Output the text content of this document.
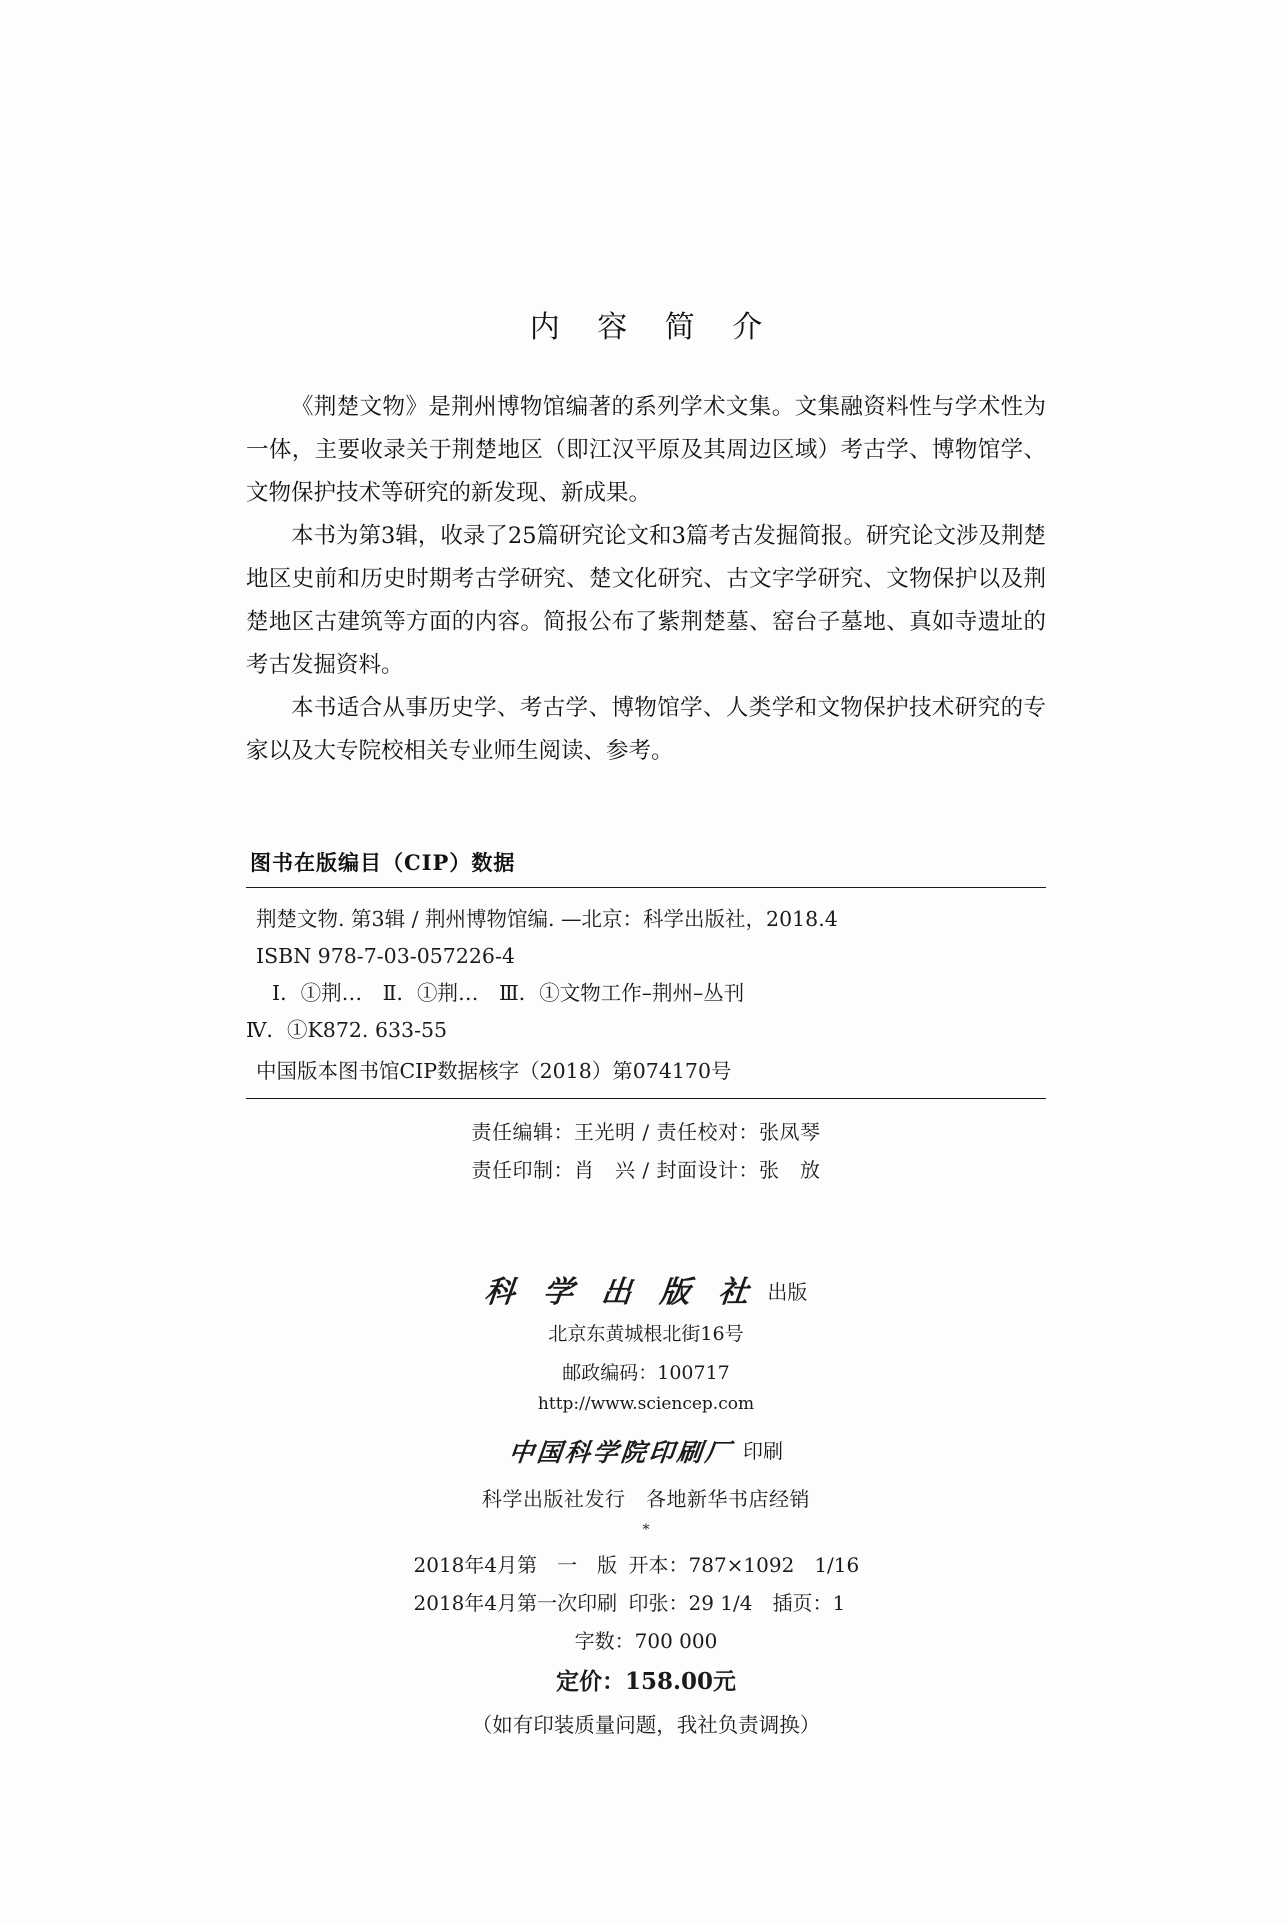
内 容 简 介

《荆楚文物》是荆州博物馆编著的系列学术文集。文集融资料性与学术性为一体，主要收录关于荆楚地区（即江汉平原及其周边区域）考古学、博物馆学、文物保护技术等研究的新发现、新成果。

本书为第3辑，收录了25篇研究论文和3篇考古发掘简报。研究论文涉及荆楚地区史前和历史时期考古学研究、楚文化研究、古文字学研究、文物保护以及荆楚地区古建筑等方面的内容。简报公布了紫荆楚墓、窑台子墓地、真如寺遗址的考古发掘资料。

本书适合从事历史学、考古学、博物馆学、人类学和文物保护技术研究的专家以及大专院校相关专业师生阅读、参考。

图书在版编目（CIP）数据
荆楚文物. 第3辑 / 荆州博物馆编. —北京：科学出版社，2018.4
ISBN 978-7-03-057226-4
Ⅰ．①荆…　Ⅱ．①荆…　Ⅲ．①文物工作–荆州–丛刊
Ⅳ．①K872. 633-55
中国版本图书馆CIP数据核字（2018）第074170号
责任编辑：王光明 / 责任校对：张凤琴
责任印制：肖　兴 / 封面设计：张　放
科 学 出 版 社 出版
北京东黄城根北街16号
邮政编码：100717
http://www.sciencep.com
中国科学院印刷厂 印刷
科学出版社发行　各地新华书店经销
*
2018年4月第　一　版 开本：787×1092　1/16
2018年4月第一次印刷 印张：29 1/4　插页：1
字数：700 000
定价：158.00元
（如有印装质量问题，我社负责调换）
